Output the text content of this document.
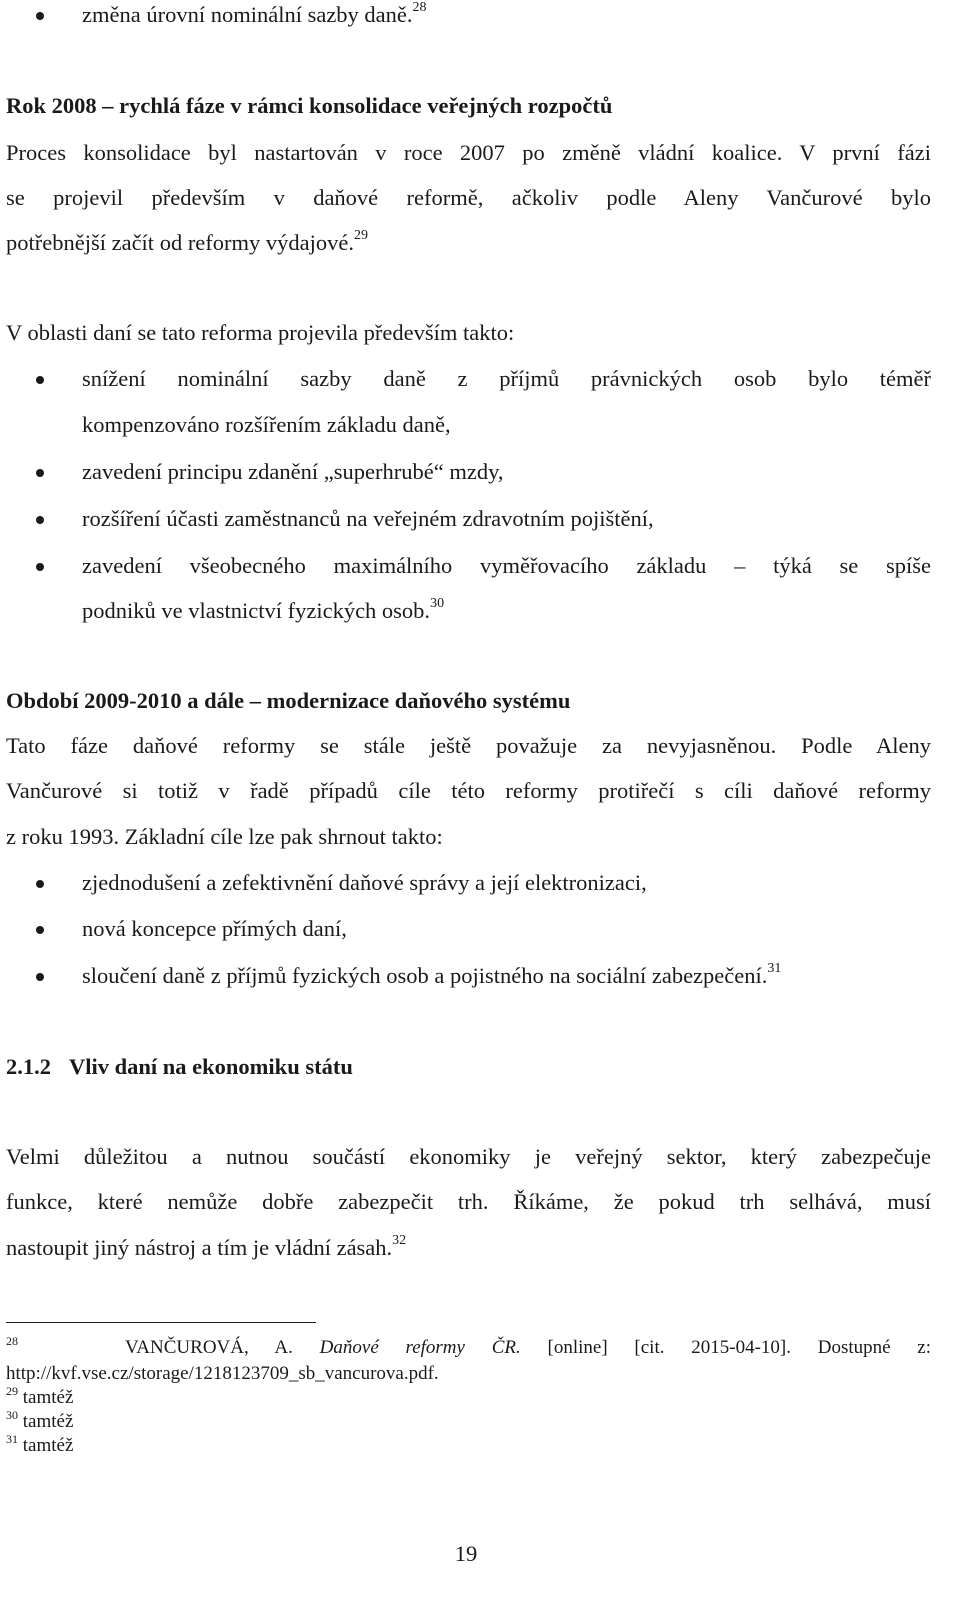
změna úrovní nominální sazby daně.$^{28}$
Rok 2008 – rychlá fáze v rámci konsolidace veřejných rozpočtů
Proces konsolidace byl nastartován v roce 2007 po změně vládní koalice. V první fázi
se projevil především v daňové reformě, ačkoliv podle Aleny Vančurové bylo
potřebnější začít od reformy výdajové.$^{29}$
V oblasti daní se tato reforma projevila především takto:
snížení nominální sazby daně z příjmů právnických osob bylo téměř
kompenzováno rozšířením základu daně,
zavedení principu zdanění „superhrubé“ mzdy,
rozšíření účasti zaměstnanců na veřejném zdravotním pojištění,
zavedení všeobecného maximálního vyměřovacího základu – týká se spíše
podniků ve vlastnictví fyzických osob.$^{30}$
Období 2009-2010 a dále – modernizace daňového systému
Tato fáze daňové reformy se stále ještě považuje za nevyjasněnou. Podle Aleny
Vančurové si totiž v řadě případů cíle této reformy protiřečí s cíli daňové reformy
z roku 1993. Základní cíle lze pak shrnout takto:
zjednodušení a zefektivnění daňové správy a její elektronizaci,
nová koncepce přímých daní,
sloučení daně z příjmů fyzických osob a pojistného na sociální zabezpečení.$^{31}$
2.1.2 Vliv daní na ekonomiku státu
Velmi důležitou a nutnou součástí ekonomiky je veřejný sektor, který zabezpečuje
funkce, které nemůže dobře zabezpečit trh. Říkáme, že pokud trh selhává, musí
nastoupit jiný nástroj a tím je vládní zásah.$^{32}$
$^{28}$	VANČUROVÁ, A. Daňové reformy ČR. [online] [cit. 2015-04-10]. Dostupné z:
http://kvf.vse.cz/storage/1218123709_sb_vancurova.pdf.
$^{29}$ tamtéž
$^{30}$ tamtéž
$^{31}$ tamtéž
19
